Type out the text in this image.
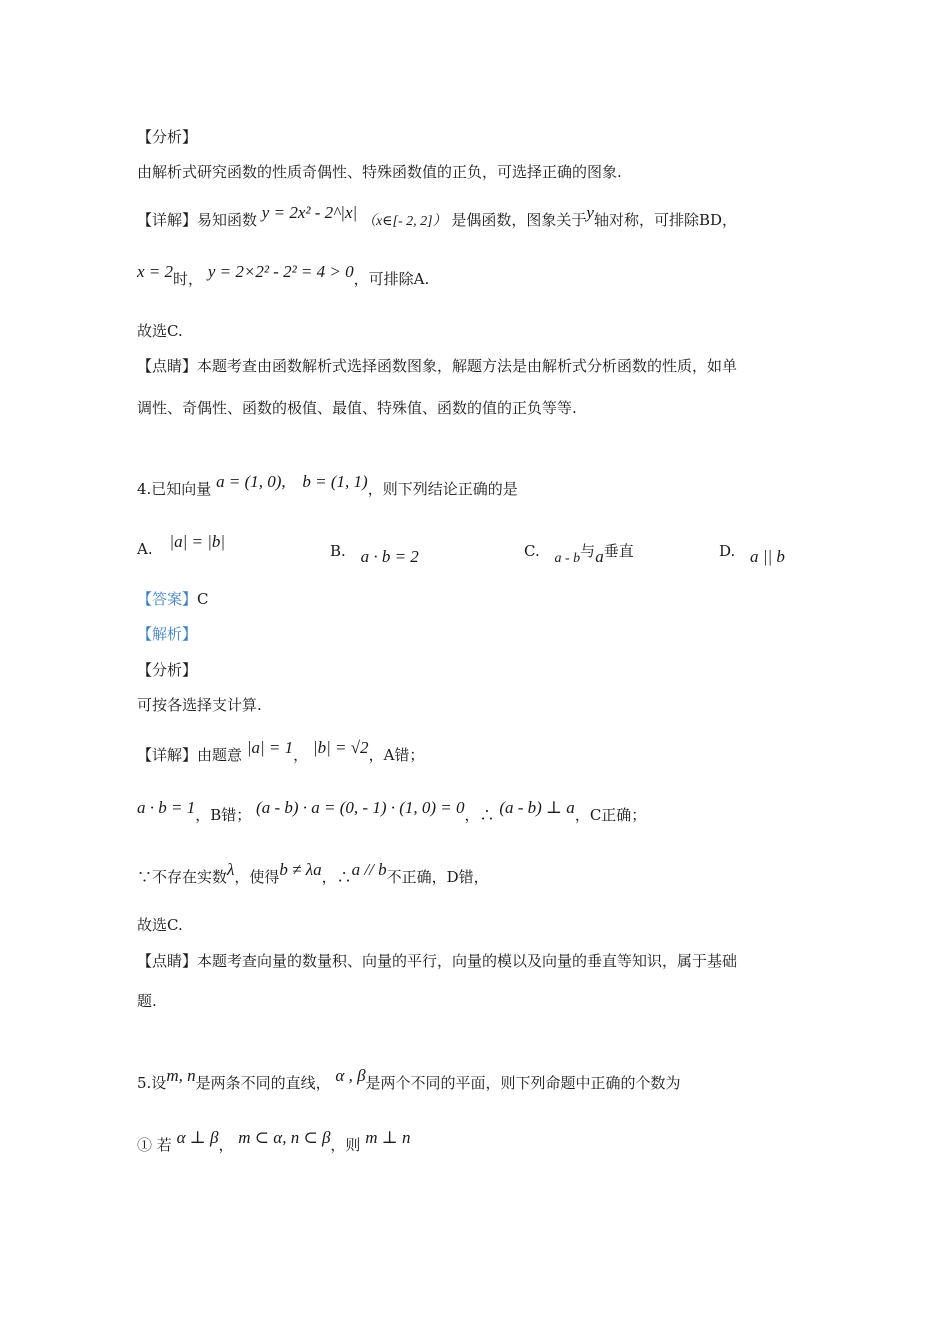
【分析】
由解析式研究函数的性质奇偶性、特殊函数值的正负，可选择正确的图象.
【详解】易知函数 y = 2x² - 2^|x| （x∈[- 2, 2]） 是偶函数，图象关于y轴对称，可排除BD，
x = 2时， y = 2×2² - 2² = 4 > 0，可排除A.
故选C.
【点睛】本题考查由函数解析式选择函数图象，解题方法是由解析式分析函数的性质，如单
调性、奇偶性、函数的极值、最值、特殊值、函数的值的正负等等.
4.已知向量 a = (1, 0), b = (1, 1)，则下列结论正确的是
A. |a| = |b|	B. a · b = 2	C. a - b与a垂直	D. a || b
【答案】C
【解析】
【分析】
可按各选择支计算.
【详解】由题意 |a| = 1， |b| = √2，A错；
a · b = 1，B错； (a - b) · a = (0, - 1) · (1, 0) = 0，∴ (a - b) ⊥ a，C正确；
∵不存在实数λ，使得b ≠ λa，∴a // b不正确，D错，
故选C.
【点睛】本题考查向量的数量积、向量的平行，向量的模以及向量的垂直等知识，属于基础
题.
5.设m, n是两条不同的直线， α , β是两个不同的平面，则下列命题中正确的个数为
① 若 α ⊥ β， m ⊂ α, n ⊂ β，则 m ⊥ n
